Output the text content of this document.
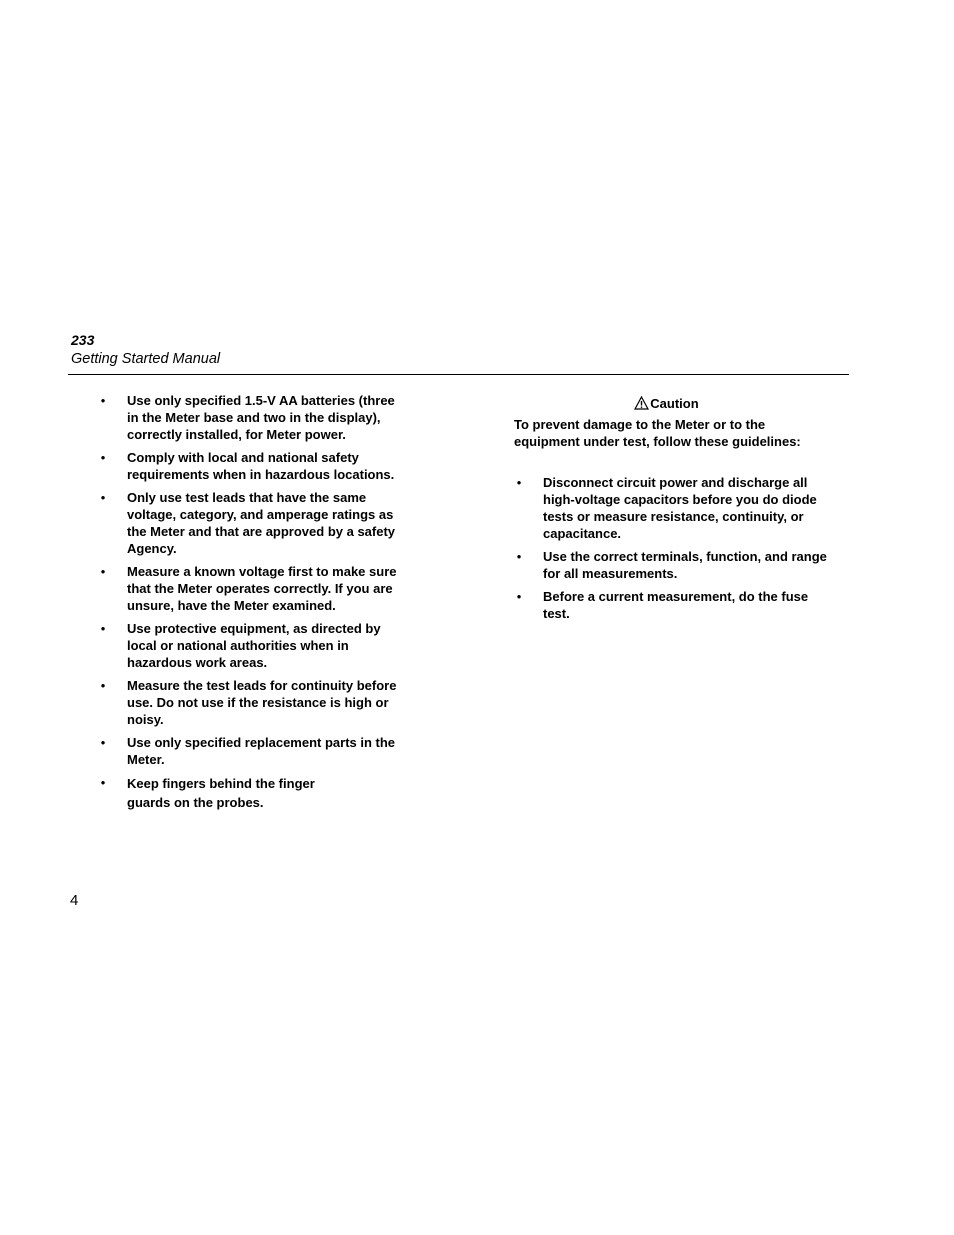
233
Getting Started Manual
• Use only specified 1.5-V AA batteries (three in the Meter base and two in the display), correctly installed, for Meter power.
• Comply with local and national safety requirements when in hazardous locations.
• Only use test leads that have the same voltage, category, and amperage ratings as the Meter and that are approved by a safety Agency.
• Measure a known voltage first to make sure that the Meter operates correctly. If you are unsure, have the Meter examined.
• Use protective equipment, as directed by local or national authorities when in hazardous work areas.
• Measure the test leads for continuity before use. Do not use if the resistance is high or noisy.
• Use only specified replacement parts in the Meter.
• Keep fingers behind the finger guards on the probes.
Caution
To prevent damage to the Meter or to the equipment under test, follow these guidelines:
• Disconnect circuit power and discharge all high-voltage capacitors before you do diode tests or measure resistance, continuity, or capacitance.
• Use the correct terminals, function, and range for all measurements.
• Before a current measurement, do the fuse test.
4
